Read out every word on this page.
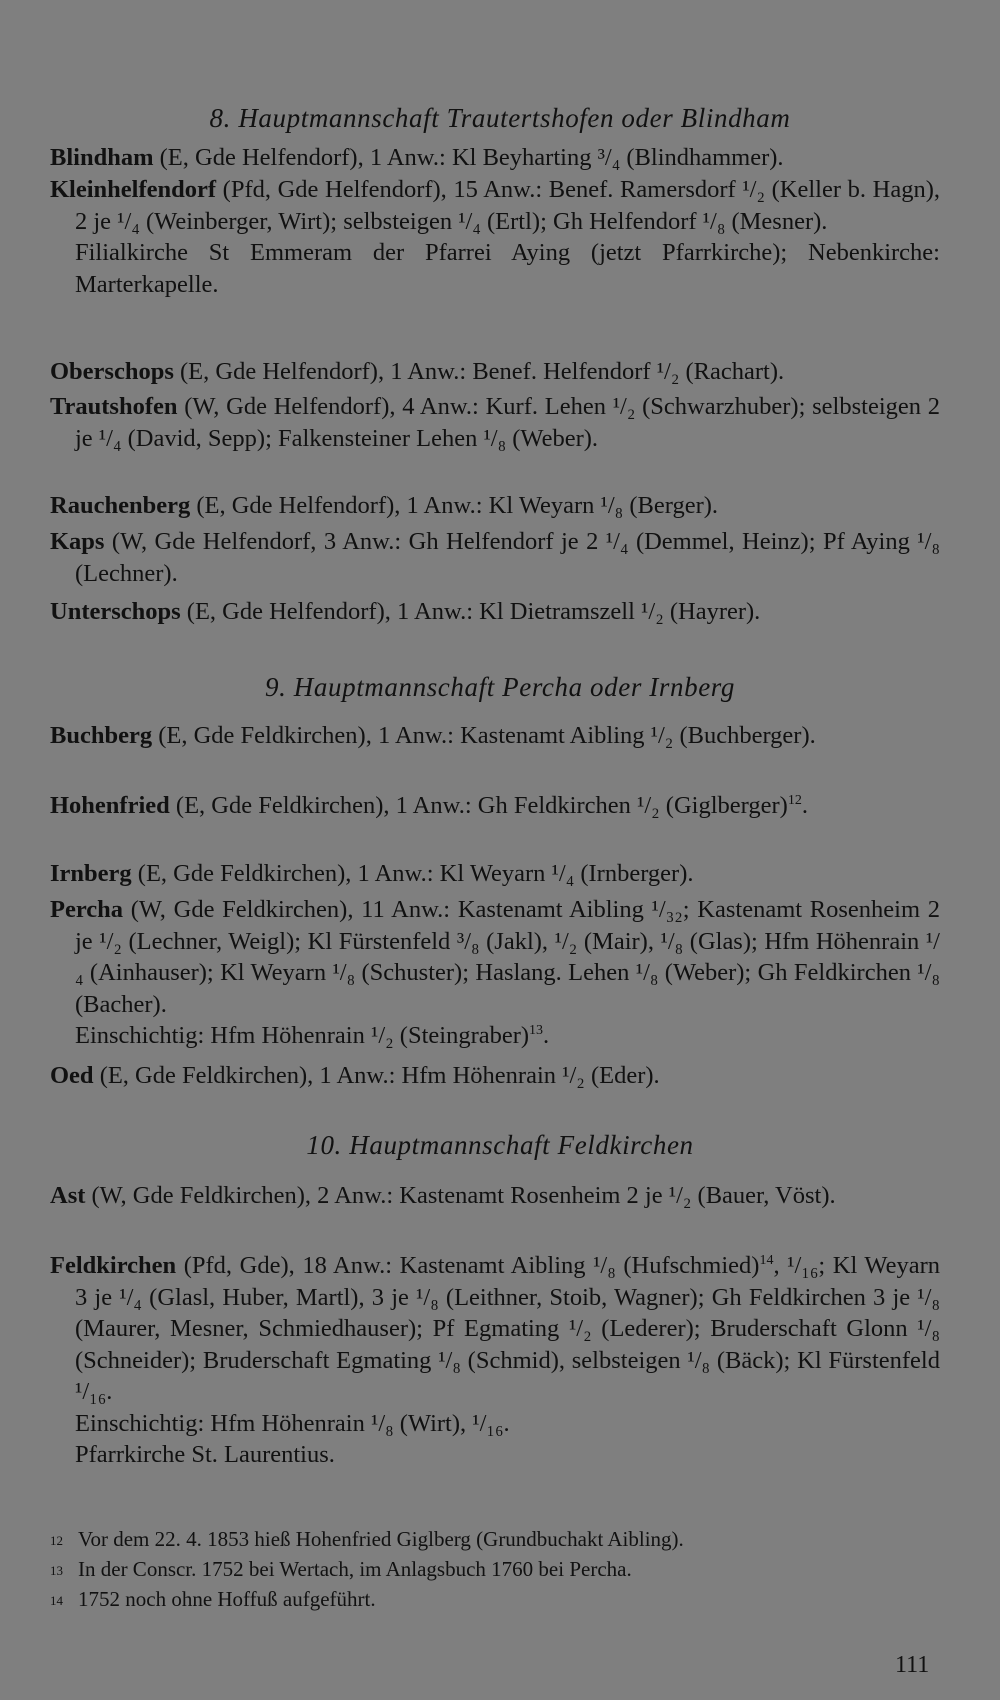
8. Hauptmannschaft Trautertshofen oder Blindham

Blindham (E, Gde Helfendorf), 1 Anw.: Kl Beyharting ³/₄ (Blindhammer).

Kleinhelfendorf (Pfd, Gde Helfendorf), 15 Anw.: Benef. Ramersdorf ¹/₂ (Keller b. Hagn), 2 je ¹/₄ (Weinberger, Wirt); selbsteigen ¹/₄ (Ertl); Gh Helfendorf ¹/₈ (Mesner).

Filialkirche St Emmeram der Pfarrei Aying (jetzt Pfarrkirche); Nebenkirche: Marterkapelle.

Oberschops (E, Gde Helfendorf), 1 Anw.: Benef. Helfendorf ¹/₂ (Rachart).

Trautshofen (W, Gde Helfendorf), 4 Anw.: Kurf. Lehen ¹/₂ (Schwarzhuber); selbsteigen 2 je ¹/₄ (David, Sepp); Falkensteiner Lehen ¹/₈ (Weber).

Rauchenberg (E, Gde Helfendorf), 1 Anw.: Kl Weyarn ¹/₈ (Berger).

Kaps (W, Gde Helfendorf, 3 Anw.: Gh Helfendorf je 2 ¹/₄ (Demmel, Heinz); Pf Aying ¹/₈ (Lechner).

Unterschops (E, Gde Helfendorf), 1 Anw.: Kl Dietramszell ¹/₂ (Hayrer).

9. Hauptmannschaft Percha oder Irnberg

Buchberg (E, Gde Feldkirchen), 1 Anw.: Kastenamt Aibling ¹/₂ (Buchberger).

Hohenfried (E, Gde Feldkirchen), 1 Anw.: Gh Feldkirchen ¹/₂ (Giglberger)$^{12}$.

Irnberg (E, Gde Feldkirchen), 1 Anw.: Kl Weyarn ¹/₄ (Irnberger).

Percha (W, Gde Feldkirchen), 11 Anw.: Kastenamt Aibling ¹/₃₂; Kastenamt Rosenheim 2 je ¹/₂ (Lechner, Weigl); Kl Fürstenfeld ³/₈ (Jakl), ¹/₂ (Mair), ¹/₈ (Glas); Hfm Höhenrain ¹/₄ (Ainhauser); Kl Weyarn ¹/₈ (Schuster); Haslang. Lehen ¹/₈ (Weber); Gh Feldkirchen ¹/₈ (Bacher).

Einschichtig: Hfm Höhenrain ¹/₂ (Steingraber)$^{13}$.

Oed (E, Gde Feldkirchen), 1 Anw.: Hfm Höhenrain ¹/₂ (Eder).

10. Hauptmannschaft Feldkirchen

Ast (W, Gde Feldkirchen), 2 Anw.: Kastenamt Rosenheim 2 je ¹/₂ (Bauer, Vöst).

Feldkirchen (Pfd, Gde), 18 Anw.: Kastenamt Aibling ¹/₈ (Hufschmied)$^{14}$, ¹/₁₆; Kl Weyarn 3 je ¹/₄ (Glasl, Huber, Martl), 3 je ¹/₈ (Leithner, Stoib, Wagner); Gh Feldkirchen 3 je ¹/₈ (Maurer, Mesner, Schmiedhauser); Pf Egmating ¹/₂ (Lederer); Bruderschaft Glonn ¹/₈ (Schneider); Bruderschaft Egmating ¹/₈ (Schmid), selbsteigen ¹/₈ (Bäck); Kl Fürstenfeld ¹/₁₆.

Einschichtig: Hfm Höhenrain ¹/₈ (Wirt), ¹/₁₆.

Pfarrkirche St. Laurentius.

12 Vor dem 22. 4. 1853 hieß Hohenfried Giglberg (Grundbuchakt Aibling).
13 In der Conscr. 1752 bei Wertach, im Anlagsbuch 1760 bei Percha.
14 1752 noch ohne Hoffuß aufgeführt.
111
